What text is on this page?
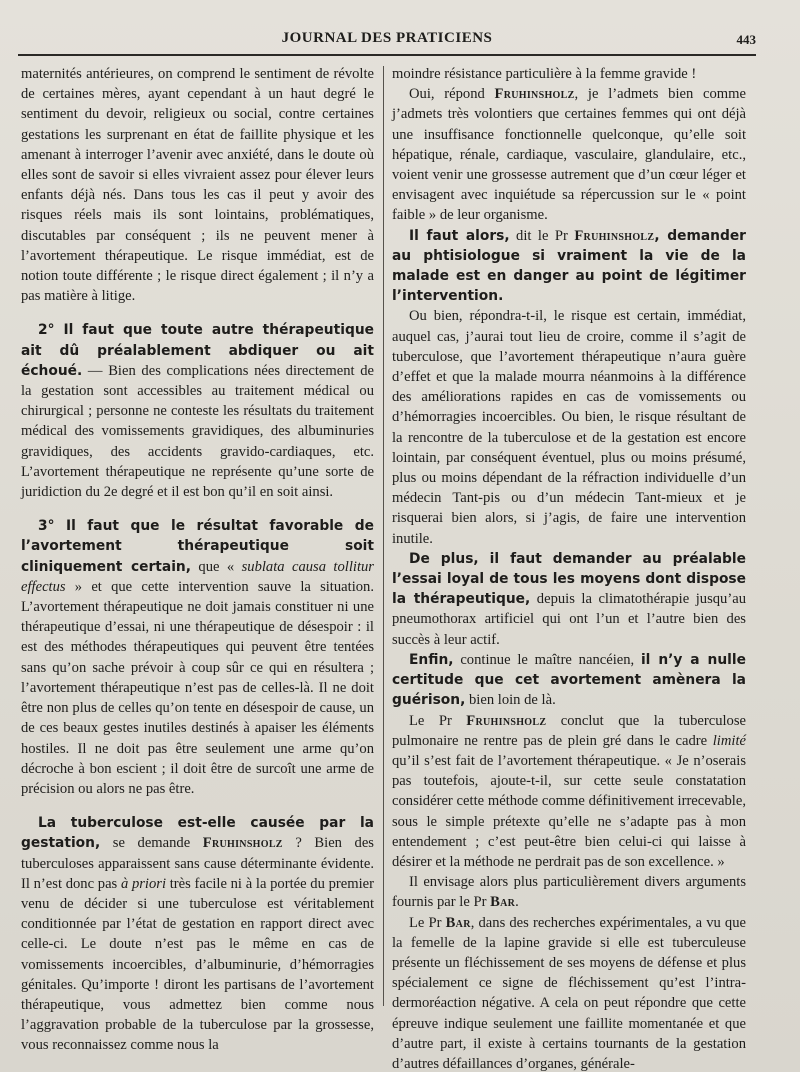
JOURNAL DES PRATICIENS	443

maternités antérieures, on comprend le sentiment de révolte de certaines mères, ayant cependant à un haut degré le sentiment du devoir, religieux ou social, contre certaines gestations les surprenant en état de faillite physique et les amenant à interroger l’avenir avec anxiété, dans le doute où elles sont de savoir si elles vivraient assez pour élever leurs enfants déjà nés. Dans tous les cas il peut y avoir des risques réels mais ils sont lointains, problématiques, discutables par conséquent ; ils ne peuvent mener à l’avortement thérapeutique. Le risque immédiat, est de notion toute différente ; le risque direct également ; il n’y a pas matière à litige.

2° Il faut que toute autre thérapeutique ait dû préalablement abdiquer ou ait échoué. — Bien des complications nées directement de la gestation sont accessibles au traitement médical ou chirurgical ; personne ne conteste les résultats du traitement médical des vomissements gravidiques, des albuminuries gravidiques, des accidents gravido-cardiaques, etc. L’avortement thérapeutique ne représente qu’une sorte de juridiction du 2e degré et il est bon qu’il en soit ainsi.

3° Il faut que le résultat favorable de l’avortement thérapeutique soit cliniquement certain, que « sublata causa tollitur effectus » et que cette intervention sauve la situation. L’avortement thérapeutique ne doit jamais constituer ni une thérapeutique d’essai, ni une thérapeutique de désespoir : il est des méthodes thérapeutiques qui peuvent être tentées sans qu’on sache prévoir à coup sûr ce qui en résultera ; l’avortement thérapeutique n’est pas de celles-là. Il ne doit être non plus de celles qu’on tente en désespoir de cause, un de ces beaux gestes inutiles destinés à apaiser les éléments hostiles. Il ne doit pas être seulement une arme qu’on décroche à bon escient ; il doit être de surcoît une arme de précision ou alors ne pas être.

La tuberculose est-elle causée par la gestation, se demande Fruhinsholz ? Bien des tuberculoses apparaissent sans cause déterminante évidente. Il n’est donc pas à priori très facile ni à la portée du premier venu de décider si une tuberculose est véritablement conditionnée par l’état de gestation en rapport direct avec celle-ci. Le doute n’est pas le même en cas de vomissements incoercibles, d’albuminurie, d’hémorragies génitales. Qu’importe ! diront les partisans de l’avortement thérapeutique, vous admettez bien comme nous l’aggravation probable de la tuberculose par la grossesse, vous reconnaissez comme nous la

moindre résistance particulière à la femme gravide !

Oui, répond Fruhinsholz, je l’admets bien comme j’admets très volontiers que certaines femmes qui ont déjà une insuffisance fonctionnelle quelconque, qu’elle soit hépatique, rénale, cardiaque, vasculaire, glandulaire, etc., voient venir une grossesse autrement que d’un cœur léger et envisagent avec inquiétude sa répercussion sur le « point faible » de leur organisme.

Il faut alors, dit le Pr Fruhinsholz, demander au phtisiologue si vraiment la vie de la malade est en danger au point de légitimer l’intervention.

Ou bien, répondra-t-il, le risque est certain, immédiat, auquel cas, j’aurai tout lieu de croire, comme il s’agit de tuberculose, que l’avortement thérapeutique n’aura guère d’effet et que la malade mourra néanmoins à la différence des améliorations rapides en cas de vomissements ou d’hémorragies incoercibles. Ou bien, le risque résultant de la rencontre de la tuberculose et de la gestation est encore lointain, par conséquent éventuel, plus ou moins présumé, plus ou moins dépendant de la réfraction individuelle d’un médecin Tant-pis ou d’un médecin Tant-mieux et je risquerai bien alors, si j’agis, de faire une intervention inutile.

De plus, il faut demander au préalable l’essai loyal de tous les moyens dont dispose la thérapeutique, depuis la climatothérapie jusqu’au pneumothorax artificiel qui ont l’un et l’autre bien des succès à leur actif.

Enfin, continue le maître nancéien, il n’y a nulle certitude que cet avortement amènera la guérison, bien loin de là.

Le Pr Fruhinsholz conclut que la tuberculose pulmonaire ne rentre pas de plein gré dans le cadre limité qu’il s’est fait de l’avortement thérapeutique. « Je n’oserais pas toutefois, ajoute-t-il, sur cette seule constatation considérer cette méthode comme définitivement irrecevable, sous le simple prétexte qu’elle ne s’adapte pas à mon entendement ; c’est peut-être bien celui-ci qui laisse à désirer et la méthode ne perdrait pas de son excellence. »

Il envisage alors plus particulièrement divers arguments fournis par le Pr Bar.

Le Pr Bar, dans des recherches expérimentales, a vu que la femelle de la lapine gravide si elle est tuberculeuse présente un fléchissement de ses moyens de défense et plus spécialement ce signe de fléchissement qu’est l’intra-dermoréaction négative. A cela on peut répondre que cette épreuve indique seulement une faillite momentanée et que d’autre part, il existe à certains tournants de la gestation d’autres défaillances d’organes, générale-
